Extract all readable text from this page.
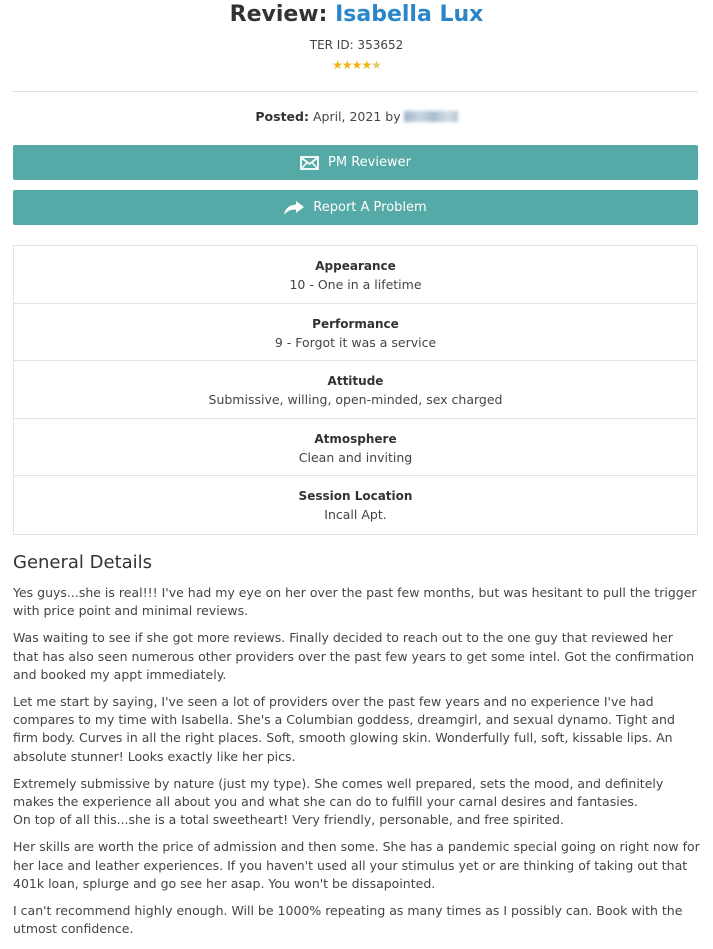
Review: Isabella Lux
TER ID: 353652
★★★★★
Posted: April, 2021 by
PM Reviewer
Report A Problem
Appearance
10 - One in a lifetime
Performance
9 - Forgot it was a service
Attitude
Submissive, willing, open-minded, sex charged
Atmosphere
Clean and inviting
Session Location
Incall Apt.
General Details

Yes guys...she is real!!! I've had my eye on her over the past few months, but was hesitant to pull the trigger with price point and minimal reviews.

Was waiting to see if she got more reviews. Finally decided to reach out to the one guy that reviewed her that has also seen numerous other providers over the past few years to get some intel. Got the confirmation and booked my appt immediately.

Let me start by saying, I've seen a lot of providers over the past few years and no experience I've had compares to my time with Isabella. She's a Columbian goddess, dreamgirl, and sexual dynamo. Tight and firm body. Curves in all the right places. Soft, smooth glowing skin. Wonderfully full, soft, kissable lips. An absolute stunner! Looks exactly like her pics.

Extremely submissive by nature (just my type). She comes well prepared, sets the mood, and definitely makes the experience all about you and what she can do to fulfill your carnal desires and fantasies.
On top of all this...she is a total sweetheart! Very friendly, personable, and free spirited.

Her skills are worth the price of admission and then some. She has a pandemic special going on right now for her lace and leather experiences. If you haven't used all your stimulus yet or are thinking of taking out that 401k loan, splurge and go see her asap. You won't be dissapointed.

I can't recommend highly enough. Will be 1000% repeating as many times as I possibly can. Book with the utmost confidence.
